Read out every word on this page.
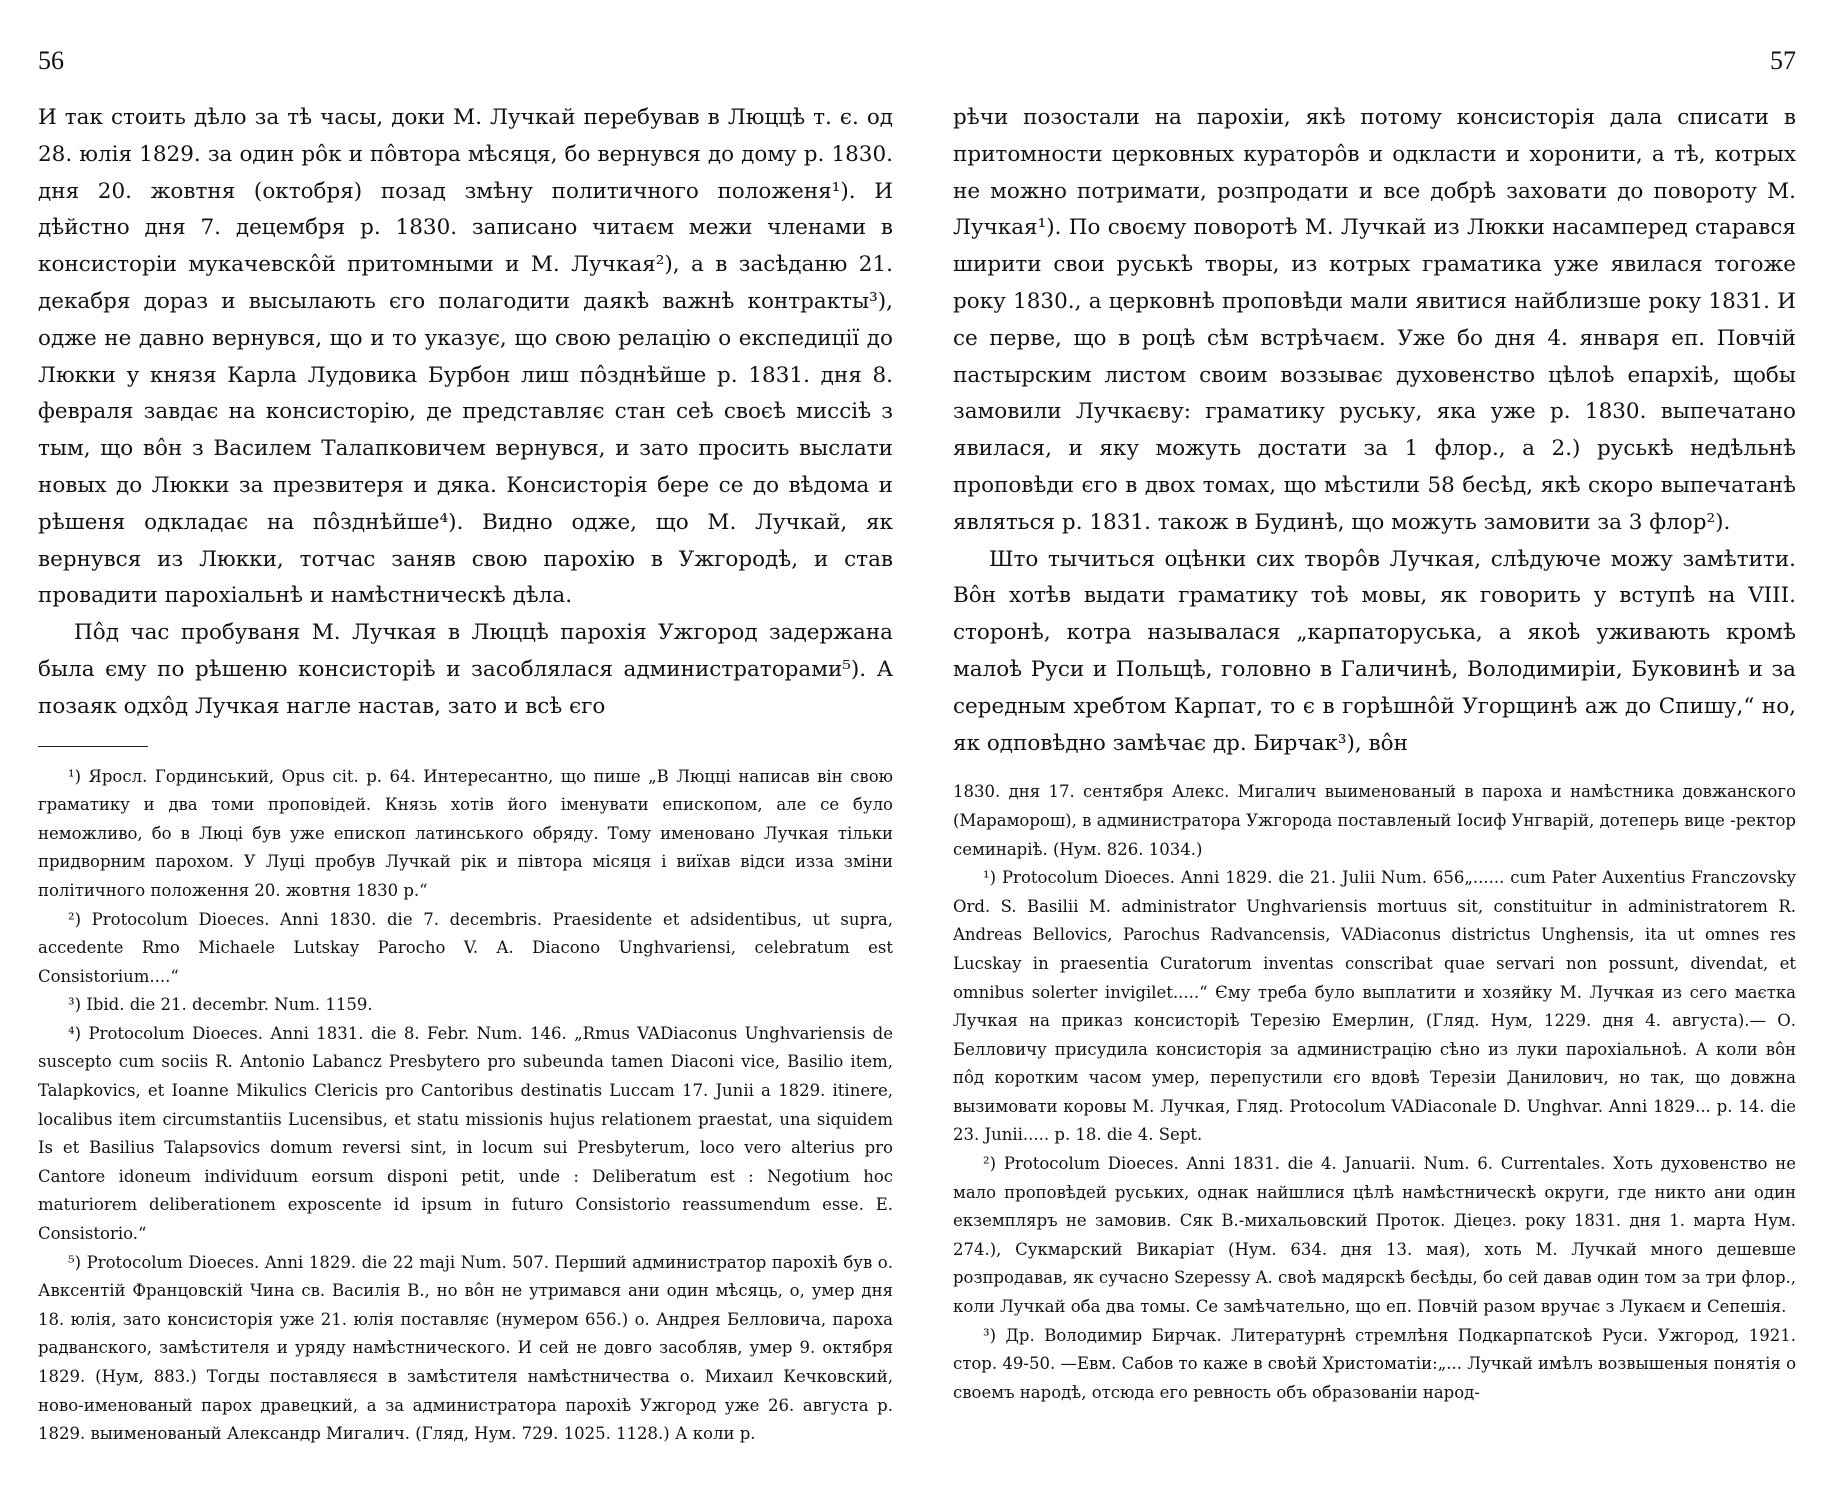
56

И так стоить дѣло за тѣ часы, доки М. Лучкай перебував в Люццѣ т. є. од 28. юлія 1829. за один рôк и пôвтора мѣсяця, бо вернувся до дому р. 1830. дня 20. жовтня (октобря) позад змѣну политичного положеня¹). И дѣйстно дня 7. децембря р. 1830. записано читаєм межи членами в консисторіи мукачевскôй притомными и М. Лучкая²), а в засѣданю 21. декабря дораз и высылають єго полагодити даякѣ важнѣ контракты³), одже не давно вернувся, що и то указує, що свою релацію о експедиції до Люкки у князя Карла Лудовика Бурбон лиш пôзднѣйше р. 1831. дня 8. февраля завдає на консисторію, де представляє стан сеѣ своєѣ миссіѣ з тым, що вôн з Василем Талапковичем вернувся, и зато просить выслати новых до Люкки за презвитеря и дяка. Консисторія бере се до вѣдома и рѣшеня одкладає на пôзднѣйше⁴). Видно одже, що М. Лучкай, як вернувся из Люкки, тотчас заняв свою парохію в Ужгородѣ, и став провадити парохіальнѣ и намѣстническѣ дѣла.

Пôд час пробуваня М. Лучкая в Люццѣ парохія Ужгород задержана была єму по рѣшеню консисторіѣ и засоблялася администраторами⁵). А позаяк одхôд Лучкая нагле настав, зато и всѣ єго

¹) Яросл. Гординський, Opus cit. p. 64. Интересантно, що пише „В Люцці написав він свою граматику и два томи проповідей. Князь хотів його іменувати епископом, але се було неможливо, бо в Люці був уже епископ латинського обряду. Тому именовано Лучкая тільки придворним парохом. У Луці пробув Лучкай рік и півтора місяця і виїхав відси иззa зміни політичного положення 20. жовтня 1830 р.“

²) Protocolum Dioeces. Anni 1830. die 7. decembris. Praesidente et adsidentibus, ut supra, accedente Rmo Michaele Lutskay Parocho V. A. Diacono Unghvariensi, celebratum est Consistorium....“

³) Ibid. die 21. decembr. Num. 1159.

⁴) Protocolum Dioeces. Anni 1831. die 8. Febr. Num. 146. „Rmus VADiaconus Unghvariensis de suscepto cum sociis R. Antonio Labancz Presbytero pro subeunda tamen Diaconi vice, Basilio item, Talapkovics, et Ioanne Mikulics Clericis pro Cantoribus destinatis Luccam 17. Junii a 1829. itinere, localibus item circumstantiis Lucensibus, et statu missionis hujus relationem praestat, una siquidem Is et Basilius Talapsovics domum reversi sint, in locum sui Presbyterum, loco vero alterius pro Cantore idoneum individuum eorsum disponi petit, unde : Deliberatum est : Negotium hoc maturiorem deliberationem exposcente id ipsum in futuro Consistorio reassumendum esse. E. Consistorio.“

⁵) Protocolum Dioeces. Anni 1829. die 22 maji Num. 507. Перший администратор парохіѣ був о. Авксентій Францовскій Чина св. Василія В., но вôн не утримався ани один мѣсяць, о, умер дня 18. юлія, зато консисторія уже 21. юлія поставляє (нумером 656.) о. Андрея Белловича, пароха радванского, замѣстителя и уряду намѣстнического. И сей не довго засобляв, умер 9. октября 1829. (Нум, 883.) Тогды поставляєся в замѣстителя намѣстничества о. Михаил Кечковский, ново-именованый парох дравецкий, а за администратора парохіѣ Ужгород уже 26. августа р. 1829. выименованый Александр Мигалич. (Гляд, Нум. 729. 1025. 1128.) А коли р.

57

рѣчи позостали на парохіи, якѣ потому консисторія дала списати в притомности церковных кураторôв и одкласти и хоронити, а тѣ, котрых не можно потримати, розпродати и все добрѣ заховати до повороту М. Лучкая¹). По своєму поворотѣ М. Лучкай из Люкки насамперед старався ширити свои руськѣ творы, из котрых граматика уже явилася тогоже року 1830., а церковнѣ проповѣди мали явитися найблизше року 1831. И се перве, що в роцѣ сѣм встрѣчаєм. Уже бо дня 4. января еп. Повчій пастырским листом своим воззыває духовенство цѣлоѣ епархіѣ, щобы замовили Лучкаєву: граматику руську, яка уже р. 1830. выпечатано явилася, и яку можуть достати за 1 флор., а 2.) руськѣ недѣльнѣ проповѣди єго в двох томах, що мѣстили 58 бесѣд, якѣ скоро выпечатанѣ являться р. 1831. також в Будинѣ, що можуть замовити за 3 флор²).

Што тычиться оцѣнки сих творôв Лучкая, слѣдуюче можу замѣтити. Вôн хотѣв выдати граматику тоѣ мовы, як говорить у вступѣ на VIII. сторонѣ, котра называлася „карпаторуська, а якоѣ уживають кромѣ малоѣ Руси и Польщѣ, головно в Галичинѣ, Володимиріи, Буковинѣ и за середным хребтом Карпат, то є в горѣшнôй Угорщинѣ аж до Спишу,“ но, як одповѣдно замѣчає др. Бирчак³), вôн

1830. дня 17. сентября Алекс. Мигалич выименованый в пароха и намѣстника довжанского (Мараморош), в администратора Ужгорода поставленый Іосиф Унгварій, дотеперь вице -ректор семинаріѣ. (Нум. 826. 1034.)

¹) Protocolum Dioeces. Anni 1829. die 21. Julii Num. 656„...... cum Pater Auxentius Franczovsky Ord. S. Basilii M. administrator Unghvariensis mortuus sit, constituitur in administratorem R. Andreas Bellovics, Parochus Radvancensis, VADiaconus districtus Unghensis, ita ut omnes res Lucskay in praesentia Curatorum inventas conscribat quae servari non possunt, divendat, et omnibus solerter invigilet.....“ Єму треба було выплатити и хозяйку М. Лучкая из сего маєтка Лучкая на приказ консисторіѣ Терезію Емерлин, (Гляд. Нум, 1229. дня 4. августа).— О. Белловичу присудила консисторія за администрацію сѣно из луки парохіальноѣ. А коли вôн пôд коротким часом умер, перепустили єго вдовѣ Терезіи Данилович, но так, що довжна вызимовати коровы М. Лучкая, Гляд. Protocolum VADiaconale D. Unghvar. Anni 1829... p. 14. die 23. Junii..... p. 18. die 4. Sept.

²) Protocolum Dioeces. Anni 1831. die 4. Januarii. Num. 6. Currentales. Хоть духовенство не мало проповѣдей руських, однак найшлися цѣлѣ намѣстническѣ округи, где никто ани один екземпляръ не замовив. Сяк В.-михальовский Проток. Діецез. року 1831. дня 1. марта Нум. 274.), Сукмарский Викаріат (Нум. 634. дня 13. мая), хоть М. Лучкай много дешевше розпродавав, як сучасно Szepessy A. своѣ мадярскѣ бесѣды, бо сей давав один том за три флор., коли Лучкай оба два томы. Се замѣчательно, що еп. Повчій разом вручає з Лукаєм и Сепешія.

³) Др. Володимир Бирчак. Литературнѣ стремлѣня Подкарпатскоѣ Руси. Ужгород, 1921. стор. 49-50. —Евм. Сабов то каже в своѣй Христоматіи:„... Лучкай имѣлъ возвышеныя понятія о своемъ народѣ, отсюда его ревность объ образованіи народ-
